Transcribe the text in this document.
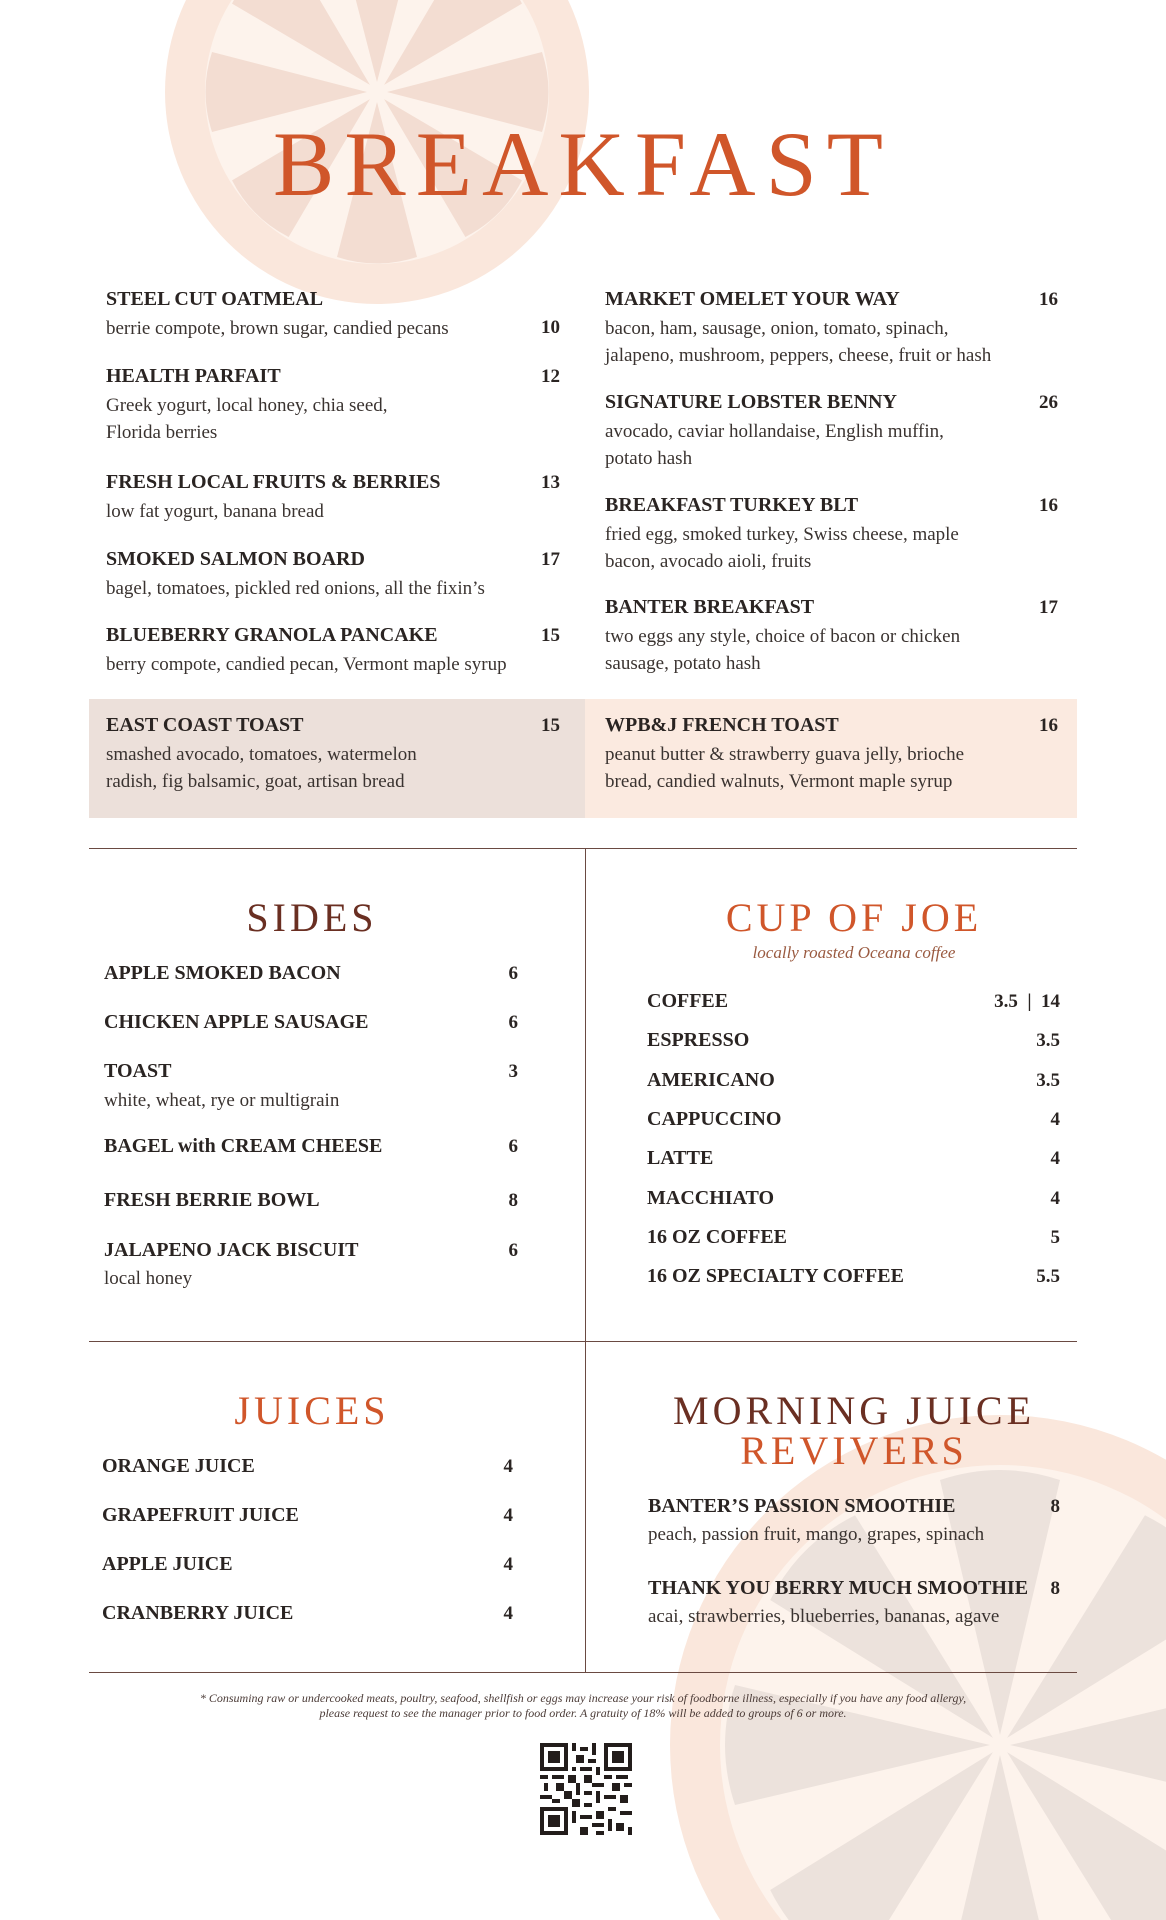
BREAKFAST
STEEL CUT OATMEAL
berrie compote, brown sugar, candied pecans	10
HEALTH PARFAIT
Greek yogurt, local honey, chia seed,
Florida berries
12
FRESH LOCAL FRUITS & BERRIES
low fat yogurt, banana bread
13
SMOKED SALMON BOARD
bagel, tomatoes, pickled red onions, all the fixin’s
17
BLUEBERRY GRANOLA PANCAKE
berry compote, candied pecan, Vermont maple syrup
15
EAST COAST TOAST
smashed avocado, tomatoes, watermelon
radish, fig balsamic, goat, artisan bread
15
MARKET OMELET YOUR WAY
bacon, ham, sausage, onion, tomato, spinach,
jalapeno, mushroom, peppers, cheese, fruit or hash
16
SIGNATURE LOBSTER BENNY
avocado, caviar hollandaise, English muffin,
potato hash
26
BREAKFAST TURKEY BLT
fried egg, smoked turkey, Swiss cheese, maple
bacon, avocado aioli, fruits
16
BANTER BREAKFAST
two eggs any style, choice of bacon or chicken
sausage, potato hash
17
WPB&J FRENCH TOAST
peanut butter & strawberry guava jelly, brioche
bread, candied walnuts, Vermont maple syrup
16
SIDES
APPLE SMOKED BACON	6
CHICKEN APPLE SAUSAGE	6
TOAST
white, wheat, rye or multigrain
3
BAGEL with CREAM CHEESE	6
FRESH BERRIE BOWL	8
JALAPENO JACK BISCUIT
local honey
6
CUP OF JOE
locally roasted Oceana coffee
COFFEE	3.5  |  14
ESPRESSO	3.5
AMERICANO	3.5
CAPPUCCINO	4
LATTE	4
MACCHIATO	4
16 OZ COFFEE	5
16 OZ SPECIALTY COFFEE	5.5
JUICES
ORANGE JUICE	4
GRAPEFRUIT JUICE	4
APPLE JUICE	4
CRANBERRY JUICE	4
MORNING JUICE
REVIVERS
BANTER’S PASSION SMOOTHIE
peach, passion fruit, mango, grapes, spinach
8
THANK YOU BERRY MUCH SMOOTHIE
acai, strawberries, blueberries, bananas, agave
8
* Consuming raw or undercooked meats, poultry, seafood, shellfish or eggs may increase your risk of foodborne illness, especially if you have any food allergy,
please request to see the manager prior to food order. A gratuity of 18% will be added to groups of 6 or more.
